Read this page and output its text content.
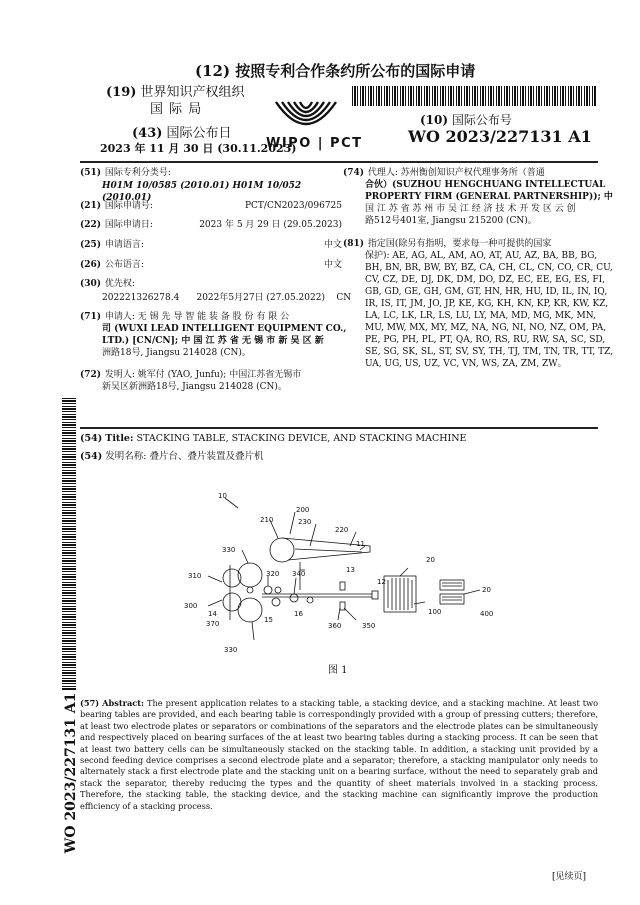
(12) 按照专利合作条约所公布的国际申请
(19) 世界知识产权组织
国 际 局
WIPO | PCT
(43) 国际公布日
2023 年 11 月 30 日 (30.11.2023)
(10) 国际公布号
WO 2023/227131 A1
(51) 国际专利分类号:
H01M 10/0585 (2010.01) H01M 10/052 (2010.01)
(21) 国际申请号:	PCT/CN2023/096725
(22) 国际申请日:	2023 年 5 月 29 日 (29.05.2023)
(25) 申请语言:	中文
(26) 公布语言:	中文
(30) 优先权:
202221326278.4      2022年5月27日 (27.05.2022)    CN
(71) 申请人: 无 锡 先 导 智 能 装 备 股 份 有 限 公
司 (WUXI LEAD INTELLIGENT EQUIPMENT CO.,
LTD.) [CN/CN]; 中 国 江 苏 省 无 锡 市 新 吴 区 新
洲路18号, Jiangsu 214028 (CN)。
(72) 发明人: 姚军付 (YAO, Junfu); 中国江苏省无锡市
新吴区新洲路18号, Jiangsu 214028 (CN)。
(74) 代理人: 苏州衡创知识产权代理事务所（普通
合伙）(SUZHOU HENGCHUANG INTELLECTUAL
PROPERTY FIRM (GENERAL PARTNERSHIP)); 中
国 江 苏 省 苏 州 市 吴 江 经 济 技 术 开 发 区 云 创
路512号401室, Jiangsu 215200 (CN)。
(81) 指定国(除另有指明，要求每一种可提供的国家
保护): AE, AG, AL, AM, AO, AT, AU, AZ, BA, BB, BG,
BH, BN, BR, BW, BY, BZ, CA, CH, CL, CN, CO, CR, CU,
CV, CZ, DE, DJ, DK, DM, DO, DZ, EC, EE, EG, ES, FI,
GB, GD, GE, GH, GM, GT, HN, HR, HU, ID, IL, IN, IQ,
IR, IS, IT, JM, JO, JP, KE, KG, KH, KN, KP, KR, KW, KZ,
LA, LC, LK, LR, LS, LU, LY, MA, MD, MG, MK, MN,
MU, MW, MX, MY, MZ, NA, NG, NI, NO, NZ, OM, PA,
PE, PG, PH, PL, PT, QA, RO, RS, RU, RW, SA, SC, SD,
SE, SG, SK, SL, ST, SV, SY, TH, TJ, TM, TN, TR, TT, TZ,
UA, UG, US, UZ, VC, VN, WS, ZA, ZM, ZW。
(54) Title: STACKING TABLE, STACKING DEVICE, AND STACKING MACHINE
(54) 发明名称: 叠片台、叠片装置及叠片机
10
200
210	230
220
11
330
13
310	320 340
12
20
20
300
14
15
16
360	350
100	400
370
330
图 1
(57) Abstract: The present application relates to a stacking table, a stacking device, and a stacking machine. At least two bearing tables are provided, and each bearing table is correspondingly provided with a group of pressing cutters; therefore, at least two electrode plates or separators or combinations of the separators and the electrode plates can be simultaneously and respectively placed on bearing surfaces of the at least two bearing tables during a stacking process. It can be seen that at least two battery cells can be simultaneously stacked on the stacking table. In addition, a stacking unit provided by a second feeding device comprises a second electrode plate and a separator; therefore, a stacking manipulator only needs to alternately stack a first electrode plate and the stacking unit on a bearing surface, without the need to separately grab and stack the separator, thereby reducing the types and the quantity of sheet materials involved in a stacking process. Therefore, the stacking table, the stacking device, and the stacking machine can significantly improve the production efficiency of a stacking process.
WO 2023/227131 A1
[见续页]
